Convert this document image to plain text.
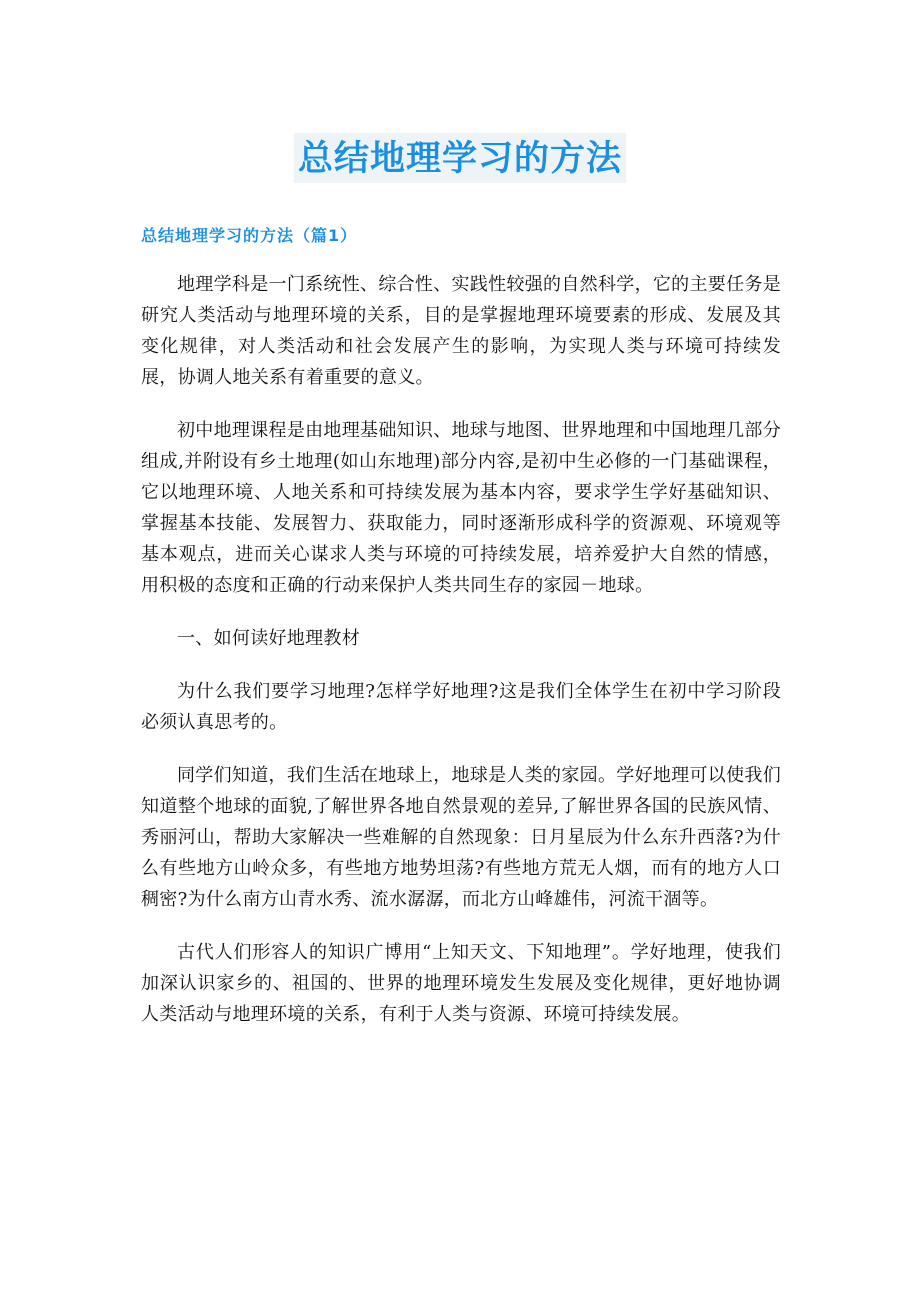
总结地理学习的方法
总结地理学习的方法（篇1）

地理学科是一门系统性、综合性、实践性较强的自然科学，它的主要任务是研究人类活动与地理环境的关系，目的是掌握地理环境要素的形成、发展及其变化规律，对人类活动和社会发展产生的影响，为实现人类与环境可持续发展，协调人地关系有着重要的意义。

初中地理课程是由地理基础知识、地球与地图、世界地理和中国地理几部分组成,并附设有乡土地理(如山东地理)部分内容,是初中生必修的一门基础课程，它以地理环境、人地关系和可持续发展为基本内容，要求学生学好基础知识、掌握基本技能、发展智力、获取能力，同时逐渐形成科学的资源观、环境观等基本观点，进而关心谋求人类与环境的可持续发展，培养爱护大自然的情感，用积极的态度和正确的行动来保护人类共同生存的家园－地球。

一、如何读好地理教材

为什么我们要学习地理?怎样学好地理?这是我们全体学生在初中学习阶段必须认真思考的。

同学们知道，我们生活在地球上，地球是人类的家园。学好地理可以使我们知道整个地球的面貌,了解世界各地自然景观的差异,了解世界各国的民族风情、秀丽河山，帮助大家解决一些难解的自然现象：日月星辰为什么东升西落?为什么有些地方山岭众多，有些地方地势坦荡?有些地方荒无人烟，而有的地方人口稠密?为什么南方山青水秀、流水潺潺，而北方山峰雄伟，河流干涸等。

古代人们形容人的知识广博用“上知天文、下知地理”。学好地理，使我们加深认识家乡的、祖国的、世界的地理环境发生发展及变化规律，更好地协调人类活动与地理环境的关系，有利于人类与资源、环境可持续发展。
